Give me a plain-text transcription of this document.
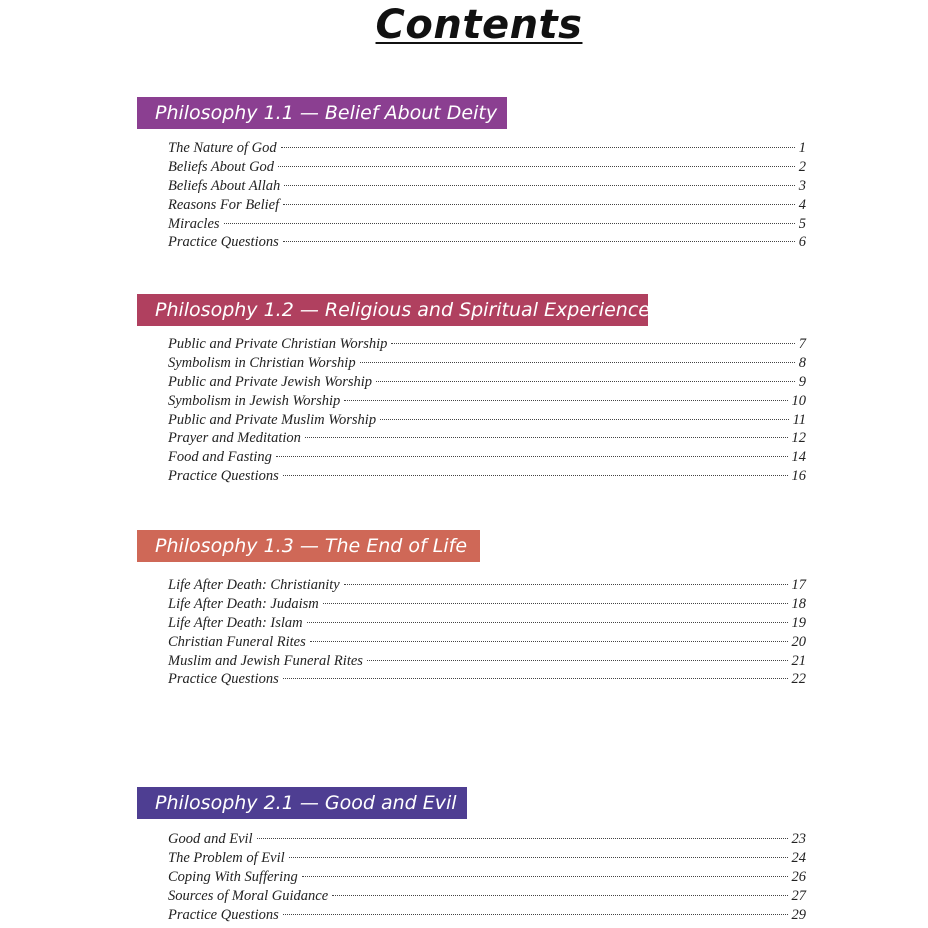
Contents
Philosophy 1.1 — Belief About Deity
The Nature of God	1
Beliefs About God	2
Beliefs About Allah	3
Reasons For Belief	4
Miracles	5
Practice Questions	6
Philosophy 1.2 — Religious and Spiritual Experience
Public and Private Christian Worship	7
Symbolism in Christian Worship	8
Public and Private Jewish Worship	9
Symbolism in Jewish Worship	10
Public and Private Muslim Worship	11
Prayer and Meditation	12
Food and Fasting	14
Practice Questions	16
Philosophy 1.3 — The End of Life
Life After Death: Christianity	17
Life After Death: Judaism	18
Life After Death: Islam	19
Christian Funeral Rites	20
Muslim and Jewish Funeral Rites	21
Practice Questions	22
Philosophy 2.1 — Good and Evil
Good and Evil	23
The Problem of Evil	24
Coping With Suffering	26
Sources of Moral Guidance	27
Practice Questions	29
